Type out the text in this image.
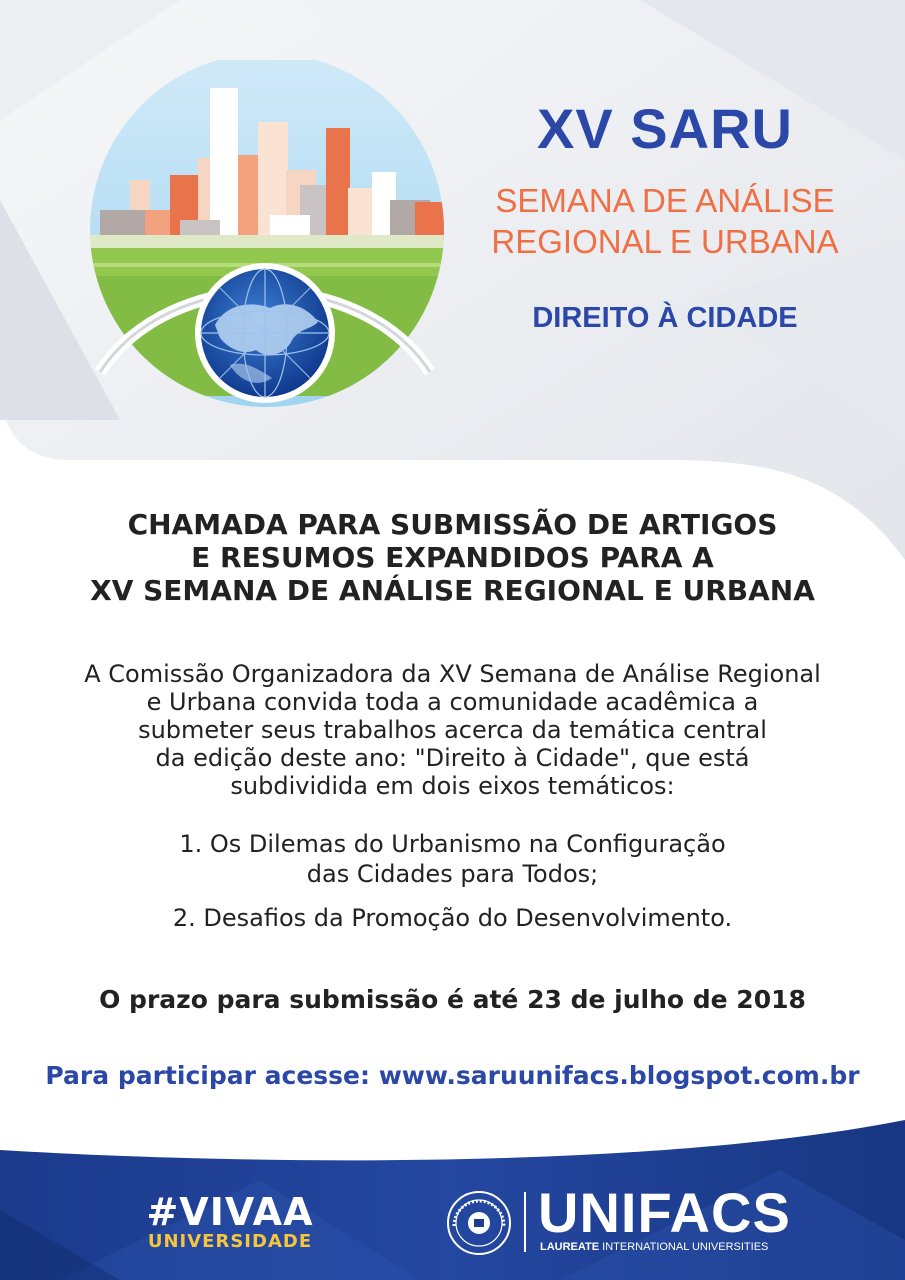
XV SARU
SEMANA DE ANÁLISE
REGIONAL E URBANA
DIREITO À CIDADE
CHAMADA PARA SUBMISSÃO DE ARTIGOS
E RESUMOS EXPANDIDOS PARA A
XV SEMANA DE ANÁLISE REGIONAL E URBANA
A Comissão Organizadora da XV Semana de Análise Regional
e Urbana convida toda a comunidade acadêmica a
submeter seus trabalhos acerca da temática central
da edição deste ano: "Direito à Cidade", que está
subdividida em dois eixos temáticos:
1. Os Dilemas do Urbanismo na Configuração
das Cidades para Todos;
2. Desafios da Promoção do Desenvolvimento.
O prazo para submissão é até 23 de julho de 2018
Para participar acesse: www.saruunifacs.blogspot.com.br
#VIVAA
UNIVERSIDADE	UNIFACS
LAUREATE INTERNATIONAL UNIVERSITIES
